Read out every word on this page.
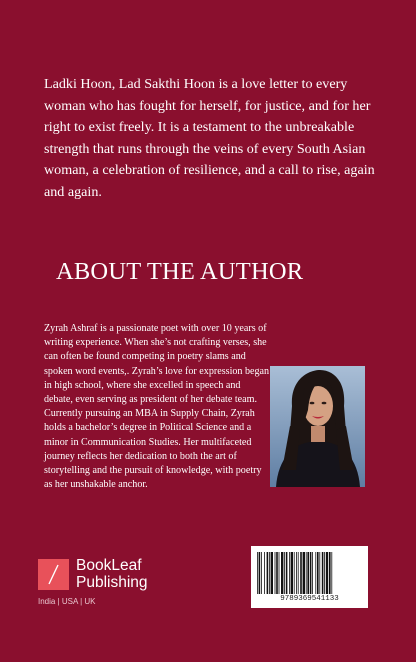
Ladki Hoon, Lad Sakthi Hoon is a love letter to every woman who has fought for herself, for justice, and for her right to exist freely. It is a testament to the unbreakable strength that runs through the veins of every South Asian woman, a celebration of resilience, and a call to rise, again and again.

ABOUT THE AUTHOR

Zyrah Ashraf is a passionate poet with over 10 years of writing experience. When she’s not crafting verses, she can often be found competing in poetry slams and spoken word events,. Zyrah’s love for expression began in high school, where she excelled in speech and debate, even serving as president of her debate team. Currently pursuing an MBA in Supply Chain, Zyrah holds a bachelor’s degree in Political Science and a minor in Communication Studies. Her multifaceted journey reflects her dedication to both the art of storytelling and the pursuit of knowledge, with poetry as her unshakable anchor.

BookLeaf
Publishing
India | USA | UK	9789369541133
